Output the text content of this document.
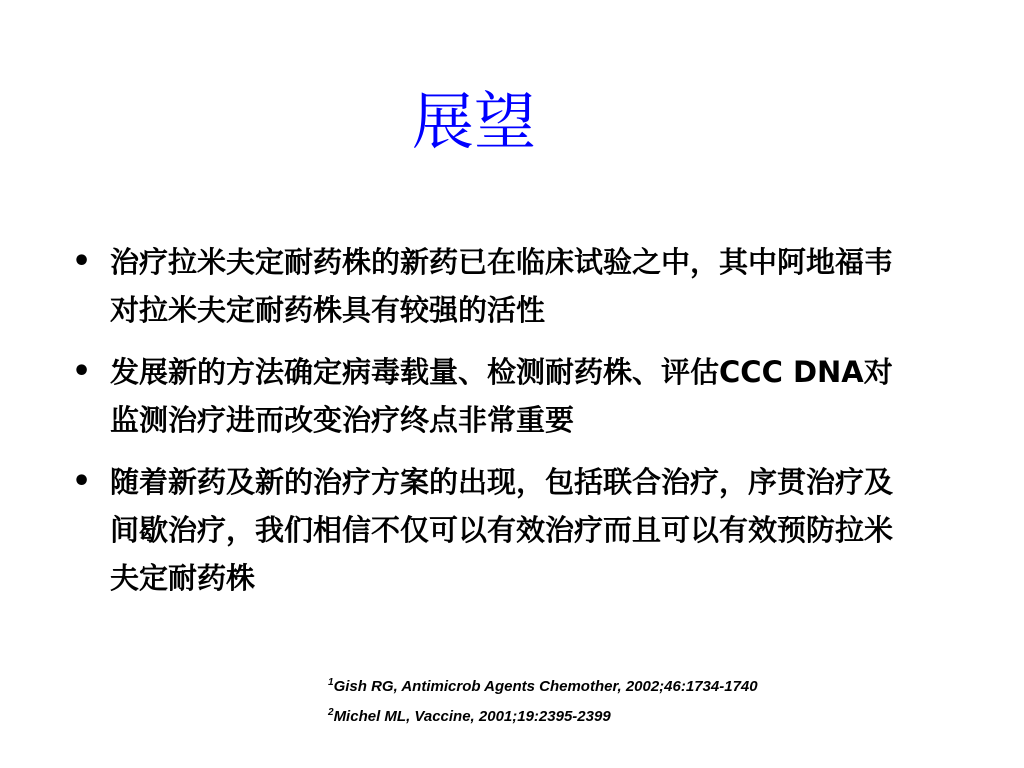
展望
• 治疗拉米夫定耐药株的新药已在临床试验之中，其中阿地福韦对拉米夫定耐药株具有较强的活性
• 发展新的方法确定病毒载量、检测耐药株、评估CCC DNA对监测治疗进而改变治疗终点非常重要
• 随着新药及新的治疗方案的出现，包括联合治疗，序贯治疗及间歇治疗，我们相信不仅可以有效治疗而且可以有效预防拉米夫定耐药株
$^1$Gish RG, Antimicrob Agents Chemother, 2002;46:1734-1740
$^2$Michel ML, Vaccine, 2001;19:2395-2399
